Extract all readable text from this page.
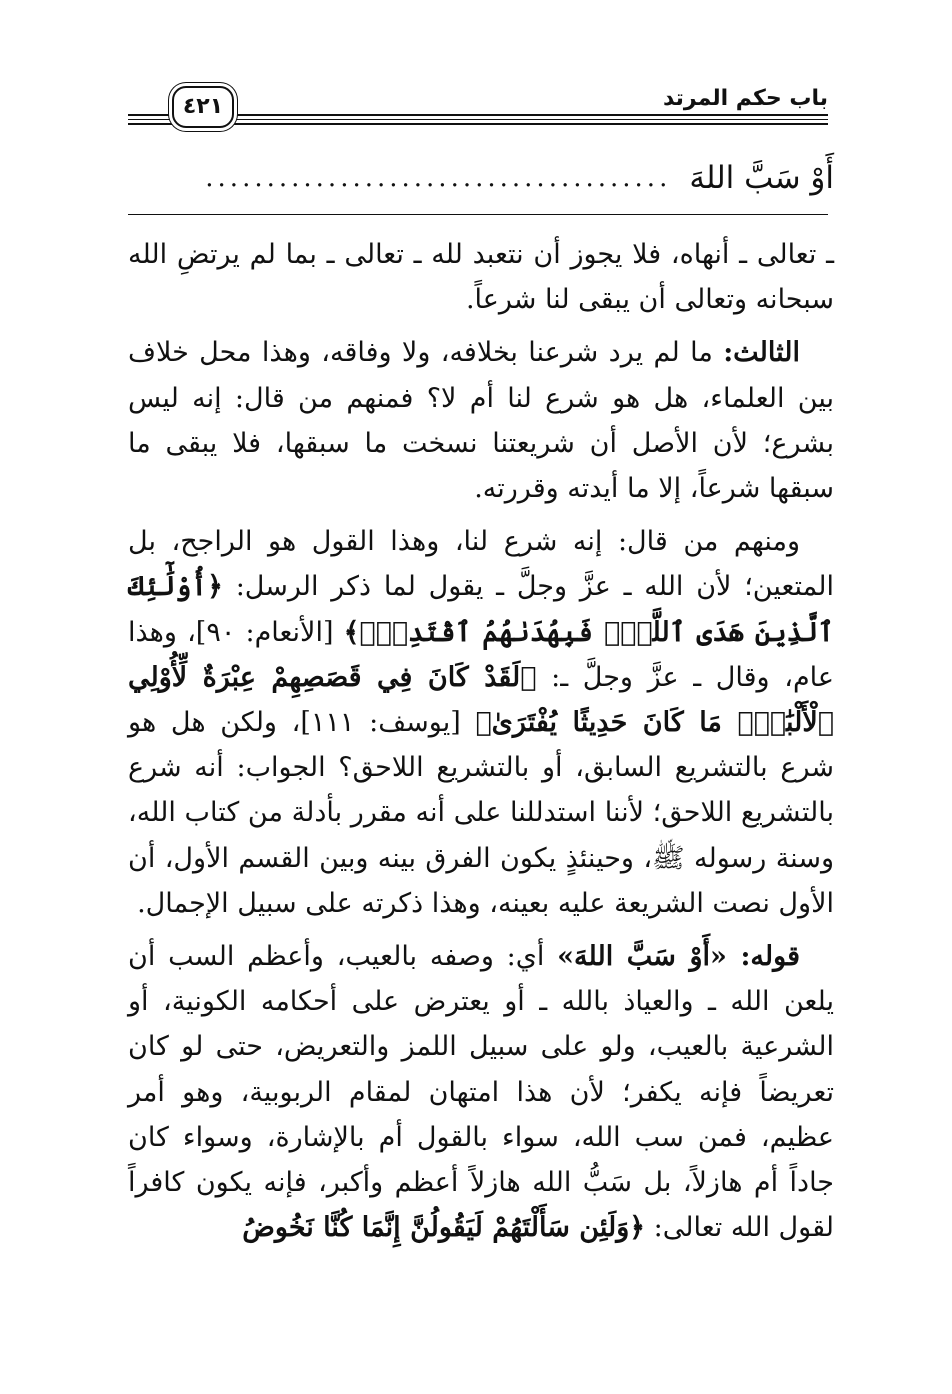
باب حكم المرتد
٤٢١
أَوْ سَبَّ اللهَ
......................................

ـ تعالى ـ أنهاه، فلا يجوز أن نتعبد لله ـ تعالى ـ بما لم يرتضِ الله سبحانه وتعالى أن يبقى لنا شرعاً.

الثالث: ما لم يرد شرعنا بخلافه، ولا وفاقه، وهذا محل خلاف بين العلماء، هل هو شرع لنا أم لا؟ فمنهم من قال: إنه ليس بشرع؛ لأن الأصل أن شريعتنا نسخت ما سبقها، فلا يبقى ما سبقها شرعاً، إلا ما أيدته وقررته.

ومنهم من قال: إنه شرع لنا، وهذا القول هو الراجح، بل المتعين؛ لأن الله ـ عزَّ وجلَّ ـ يقول لما ذكر الرسل: ﴿أُوْلَٰٓئِكَ ٱلَّذِينَ هَدَى ٱللَّهُۖ فَبِهُدَىٰهُمُ ٱقْتَدِهْۗ﴾ [الأنعام: ٩٠]، وهذا عام، وقال ـ عزَّ وجلَّ ـ: ﴿لَقَدْ كَانَ فِي قَصَصِهِمْ عِبْرَةٌ لِّأُوْلِي ٱلْأَلْبَٰبِۗ مَا كَانَ حَدِيثًا يُفْتَرَىٰ﴾ [يوسف: ١١١]، ولكن هل هو شرع بالتشريع السابق، أو بالتشريع اللاحق؟ الجواب: أنه شرع بالتشريع اللاحق؛ لأننا استدللنا على أنه مقرر بأدلة من كتاب الله، وسنة رسوله ﷺ، وحينئذٍ يكون الفرق بينه وبين القسم الأول، أن الأول نصت الشريعة عليه بعينه، وهذا ذكرته على سبيل الإجمال.

قوله: «أَوْ سَبَّ اللهَ» أي: وصفه بالعيب، وأعظم السب أن يلعن الله ـ والعياذ بالله ـ أو يعترض على أحكامه الكونية، أو الشرعية بالعيب، ولو على سبيل اللمز والتعريض، حتى لو كان تعريضاً فإنه يكفر؛ لأن هذا امتهان لمقام الربوبية، وهو أمر عظيم، فمن سب الله، سواء بالقول أم بالإشارة، وسواء كان جاداً أم هازلاً، بل سَبُّ الله هازلاً أعظم وأكبر، فإنه يكون كافراً لقول الله تعالى: ﴿وَلَئِن سَأَلْتَهُمْ لَيَقُولُنَّ إِنَّمَا كُنَّا نَخُوضُ
